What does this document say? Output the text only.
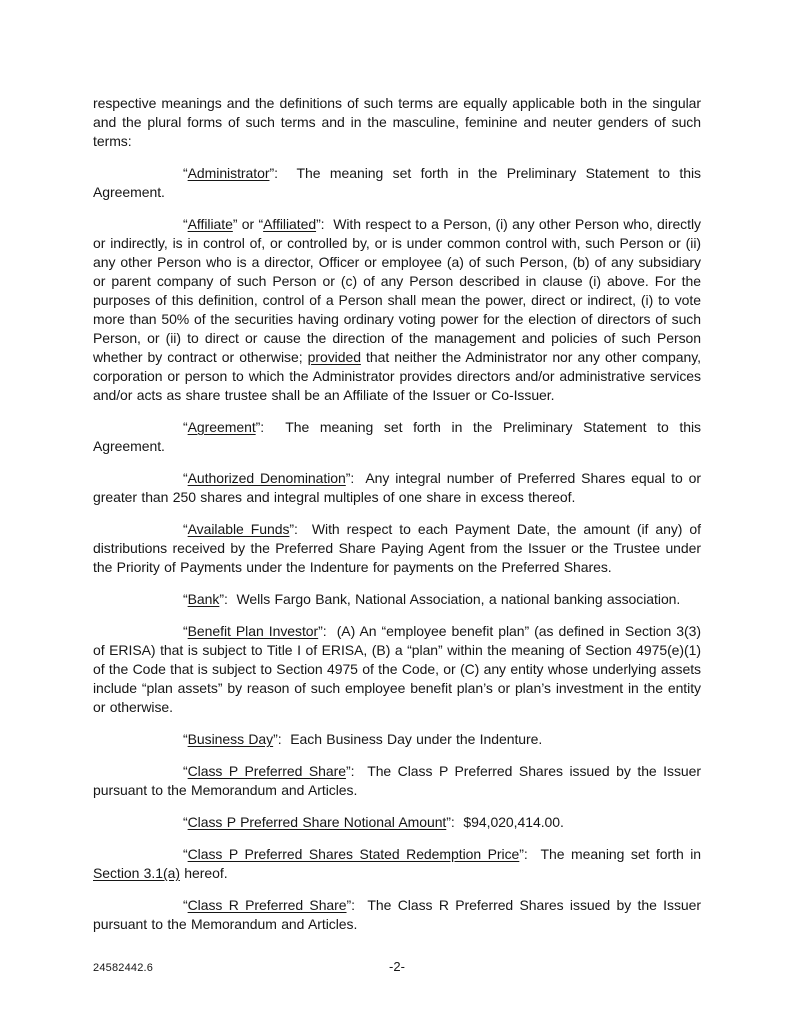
respective meanings and the definitions of such terms are equally applicable both in the singular and the plural forms of such terms and in the masculine, feminine and neuter genders of such terms:

“Administrator”:  The meaning set forth in the Preliminary Statement to this Agreement.

“Affiliate” or “Affiliated”:  With respect to a Person, (i) any other Person who, directly or indirectly, is in control of, or controlled by, or is under common control with, such Person or (ii) any other Person who is a director, Officer or employee (a) of such Person, (b) of any subsidiary or parent company of such Person or (c) of any Person described in clause (i) above. For the purposes of this definition, control of a Person shall mean the power, direct or indirect, (i) to vote more than 50% of the securities having ordinary voting power for the election of directors of such Person, or (ii) to direct or cause the direction of the management and policies of such Person whether by contract or otherwise; provided that neither the Administrator nor any other company, corporation or person to which the Administrator provides directors and/or administrative services and/or acts as share trustee shall be an Affiliate of the Issuer or Co-Issuer.

“Agreement”:  The meaning set forth in the Preliminary Statement to this Agreement.

“Authorized Denomination”:  Any integral number of Preferred Shares equal to or greater than 250 shares and integral multiples of one share in excess thereof.

“Available Funds”:  With respect to each Payment Date, the amount (if any) of distributions received by the Preferred Share Paying Agent from the Issuer or the Trustee under the Priority of Payments under the Indenture for payments on the Preferred Shares.

“Bank”:  Wells Fargo Bank, National Association, a national banking association.

“Benefit Plan Investor”:  (A) An “employee benefit plan” (as defined in Section 3(3) of ERISA) that is subject to Title I of ERISA, (B) a “plan” within the meaning of Section 4975(e)(1) of the Code that is subject to Section 4975 of the Code, or (C) any entity whose underlying assets include “plan assets” by reason of such employee benefit plan’s or plan’s investment in the entity or otherwise.

“Business Day”:  Each Business Day under the Indenture.

“Class P Preferred Share”:  The Class P Preferred Shares issued by the Issuer pursuant to the Memorandum and Articles.

“Class P Preferred Share Notional Amount”:  $94,020,414.00.

“Class P Preferred Shares Stated Redemption Price”:  The meaning set forth in Section 3.1(a) hereof.

“Class R Preferred Share”:  The Class R Preferred Shares issued by the Issuer pursuant to the Memorandum and Articles.

24582442.6	-2-
